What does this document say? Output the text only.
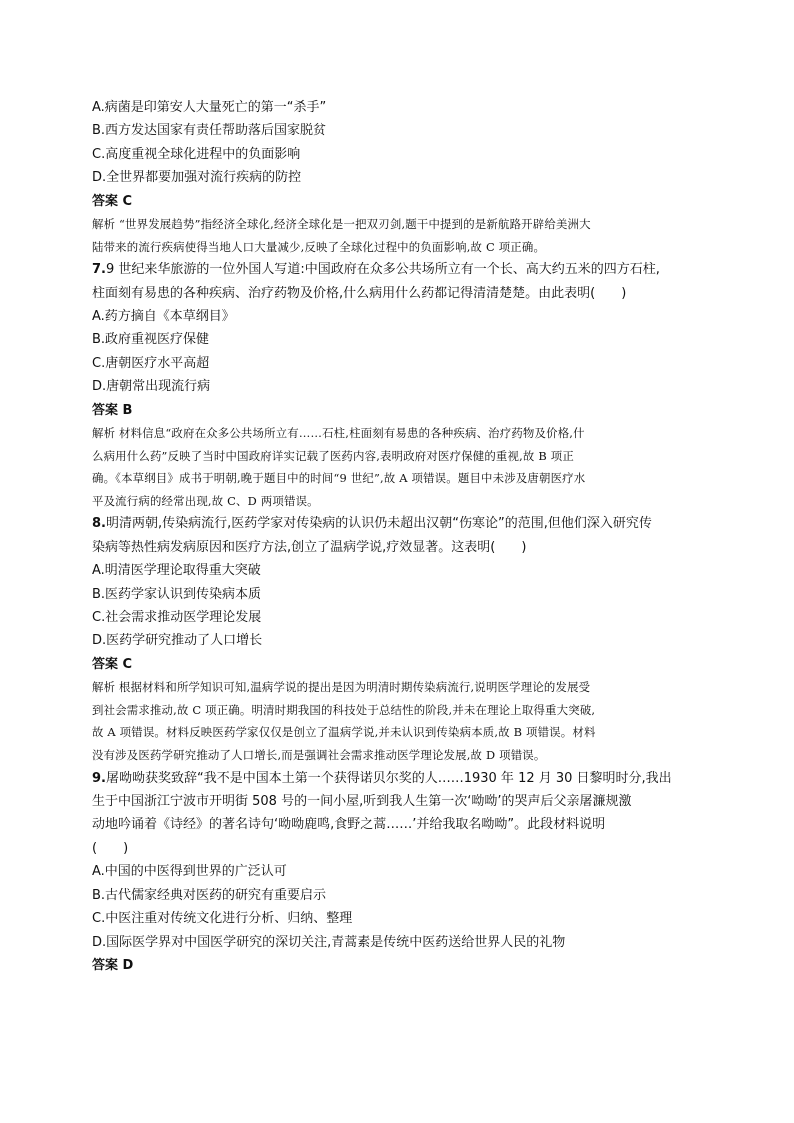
A.病菌是印第安人大量死亡的第一“杀手”
B.西方发达国家有责任帮助落后国家脱贫
C.高度重视全球化进程中的负面影响
D.全世界都要加强对流行疾病的防控
答案 C
解析 “世界发展趋势”指经济全球化,经济全球化是一把双刃剑,题干中提到的是新航路开辟给美洲大
陆带来的流行疾病使得当地人口大量减少,反映了全球化过程中的负面影响,故 C 项正确。
7.9 世纪来华旅游的一位外国人写道:中国政府在众多公共场所立有一个长、高大约五米的四方石柱,
柱面刻有易患的各种疾病、治疗药物及价格,什么病用什么药都记得清清楚楚。由此表明(　　)
A.药方摘自《本草纲目》
B.政府重视医疗保健
C.唐朝医疗水平高超
D.唐朝常出现流行病
答案 B
解析 材料信息“政府在众多公共场所立有……石柱,柱面刻有易患的各种疾病、治疗药物及价格,什
么病用什么药”反映了当时中国政府详实记载了医药内容,表明政府对医疗保健的重视,故 B 项正
确。《本草纲目》成书于明朝,晚于题目中的时间“9 世纪”,故 A 项错误。题目中未涉及唐朝医疗水
平及流行病的经常出现,故 C、D 两项错误。
8.明清两朝,传染病流行,医药学家对传染病的认识仍未超出汉朝“伤寒论”的范围,但他们深入研究传
染病等热性病发病原因和医疗方法,创立了温病学说,疗效显著。这表明(　　)
A.明清医学理论取得重大突破
B.医药学家认识到传染病本质
C.社会需求推动医学理论发展
D.医药学研究推动了人口增长
答案 C
解析 根据材料和所学知识可知,温病学说的提出是因为明清时期传染病流行,说明医学理论的发展受
到社会需求推动,故 C 项正确。明清时期我国的科技处于总结性的阶段,并未在理论上取得重大突破,
故 A 项错误。材料反映医药学家仅仅是创立了温病学说,并未认识到传染病本质,故 B 项错误。材料
没有涉及医药学研究推动了人口增长,而是强调社会需求推动医学理论发展,故 D 项错误。
9.屠呦呦获奖致辞“我不是中国本土第一个获得诺贝尔奖的人……1930 年 12 月 30 日黎明时分,我出
生于中国浙江宁波市开明街 508 号的一间小屋,听到我人生第一次‘呦呦’的哭声后父亲屠濂规激
动地吟诵着《诗经》的著名诗句‘呦呦鹿鸣,食野之蒿……’并给我取名呦呦”。此段材料说明
(　　)
A.中国的中医得到世界的广泛认可
B.古代儒家经典对医药的研究有重要启示
C.中医注重对传统文化进行分析、归纳、整理
D.国际医学界对中国医学研究的深切关注,青蒿素是传统中医药送给世界人民的礼物
答案 D
